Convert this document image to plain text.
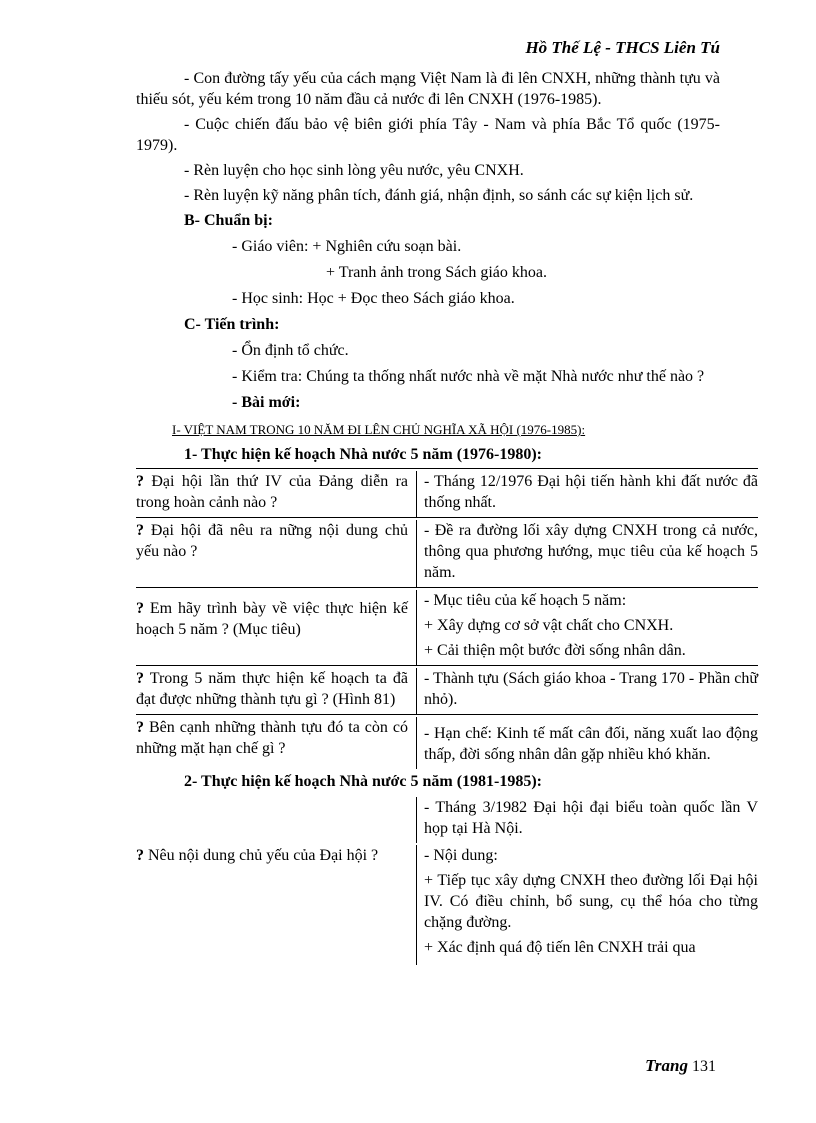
Hồ Thế Lệ - THCS Liên Tú

- Con đường tấy yếu của cách mạng Việt Nam là đi lên CNXH, những thành tựu và thiếu sót, yếu kém trong 10 năm đầu cả nước đi lên CNXH (1976-1985).

- Cuộc chiến đấu bảo vệ biên giới phía Tây - Nam và phía Bắc Tổ quốc (1975-1979).

- Rèn luyện cho học sinh lòng yêu nước, yêu CNXH.

- Rèn luyện kỹ năng phân tích, đánh giá, nhận định, so sánh các sự kiện lịch sử.

B- Chuẩn bị:
- Giáo viên: + Nghiên cứu soạn bài.
+ Tranh ảnh trong Sách giáo khoa.
- Học sinh: Học + Đọc theo Sách giáo khoa.
C- Tiến trình:
- Ổn định tổ chức.

- Kiểm tra: Chúng ta thống nhất nước nhà về mặt Nhà nước như thế nào ?

- Bài mới:
I- VIỆT NAM TRONG 10 NĂM ĐI LÊN CHỦ NGHĨA XÃ HỘI (1976-1985):
1- Thực hiện kế hoạch Nhà nước 5 năm (1976-1980):

? Đại hội lần thứ IV của Đảng diễn ra trong hoàn cảnh nào ?

- Tháng 12/1976 Đại hội tiến hành khi đất nước đã thống nhất.

? Đại hội đã nêu ra nững nội dung chủ yếu nào ?

- Đề ra đường lối xây dựng CNXH trong cả nước, thông qua phương hướng, mục tiêu của kế hoạch 5 năm.

? Em hãy trình bày về việc thực hiện kế hoạch 5 năm ? (Mục tiêu)

- Mục tiêu của kế hoạch 5 năm:

+ Xây dựng cơ sở vật chất cho CNXH.

+ Cải thiện một bước đời sống nhân dân.

? Trong 5 năm thực hiện kế hoạch ta đã đạt được những thành tựu gì ? (Hình 81)

- Thành tựu (Sách giáo khoa - Trang 170 - Phần chữ nhỏ).

? Bên cạnh những thành tựu đó ta còn có những mặt hạn chế gì ?

- Hạn chế: Kinh tế mất cân đối, năng xuất lao động thấp, đời sống nhân dân gặp nhiều khó khăn.

2- Thực hiện kế hoạch Nhà nước 5 năm (1981-1985):

- Tháng 3/1982 Đại hội đại biểu toàn quốc lần V họp tại Hà Nội.

? Nêu nội dung chủ yếu của Đại hội ?	- Nội dung:

+ Tiếp tục xây dựng CNXH theo đường lối Đại hội IV. Có điều chỉnh, bổ sung, cụ thể hóa cho từng chặng đường.

+ Xác định quá độ tiến lên CNXH trải qua

Trang 131
